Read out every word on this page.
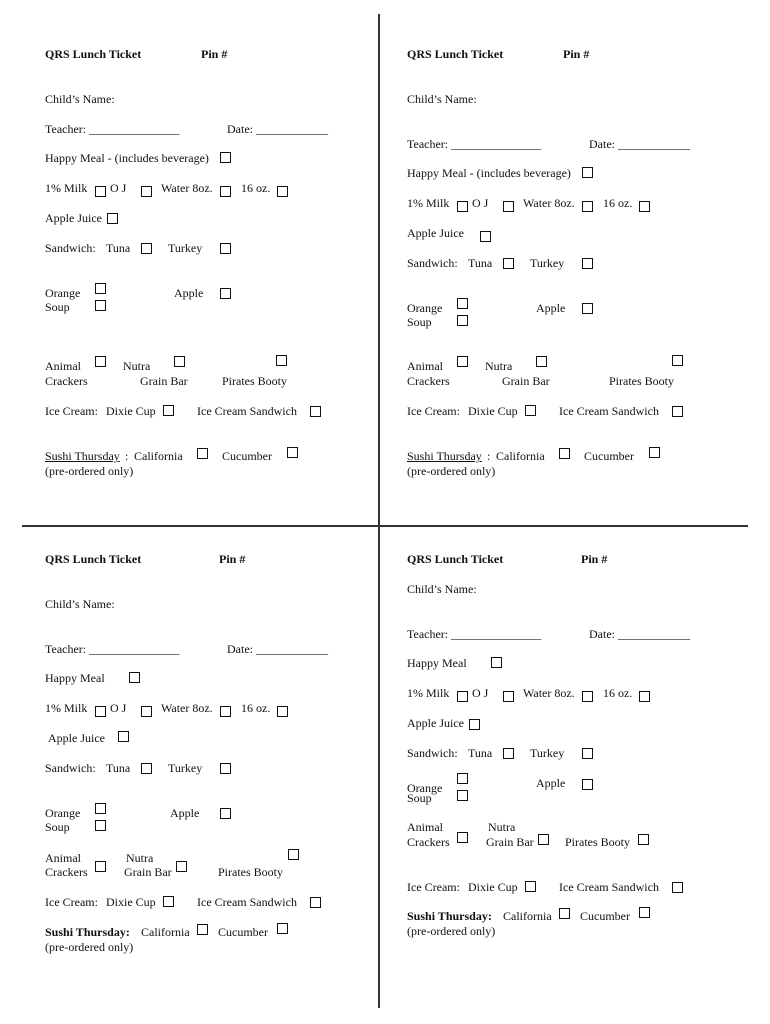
QRS Lunch Ticket	Pin #
Child’s Name:
Teacher: _______________	Date: ____________
Happy Meal - (includes beverage)
1% Milk O J	Water 8oz. 16 oz.
Apple Juice
Sandwich: Tuna	Turkey
Orange	Apple
Soup
Animal	Nutra
Crackers	Grain Bar	Pirates Booty
Ice Cream: Dixie Cup	Ice Cream Sandwich
Sushi Thursday : California	Cucumber
(pre-ordered only)
QRS Lunch Ticket	Pin #
Child’s Name:
Teacher: _______________	Date: ____________
Happy Meal - (includes beverage)
1% Milk O J	Water 8oz. 16 oz.
Apple Juice
Sandwich: Tuna	Turkey
Orange	Apple
Soup
Animal	Nutra
Crackers	Grain Bar	Pirates Booty
Ice Cream: Dixie Cup	Ice Cream Sandwich
Sushi Thursday : California	Cucumber
(pre-ordered only)
QRS Lunch Ticket	Pin #
Child’s Name:
Teacher: _______________	Date: ____________
Happy Meal
1% Milk O J	Water 8oz. 16 oz.
Apple Juice
Sandwich: Tuna	Turkey
Orange	Apple
Soup
Animal	Nutra
Crackers	Grain Bar	Pirates Booty
Ice Cream: Dixie Cup	Ice Cream Sandwich
Sushi Thursday: California Cucumber
(pre-ordered only)
QRS Lunch Ticket	Pin #
Child’s Name:
Teacher: _______________	Date: ____________
Happy Meal
1% Milk O J	Water 8oz. 16 oz.
Apple Juice
Sandwich: Tuna	Turkey
Orange	Apple
Soup
Animal	Nutra
Crackers	Grain Bar	Pirates Booty
Ice Cream: Dixie Cup	Ice Cream Sandwich
Sushi Thursday: California Cucumber
(pre-ordered only)
